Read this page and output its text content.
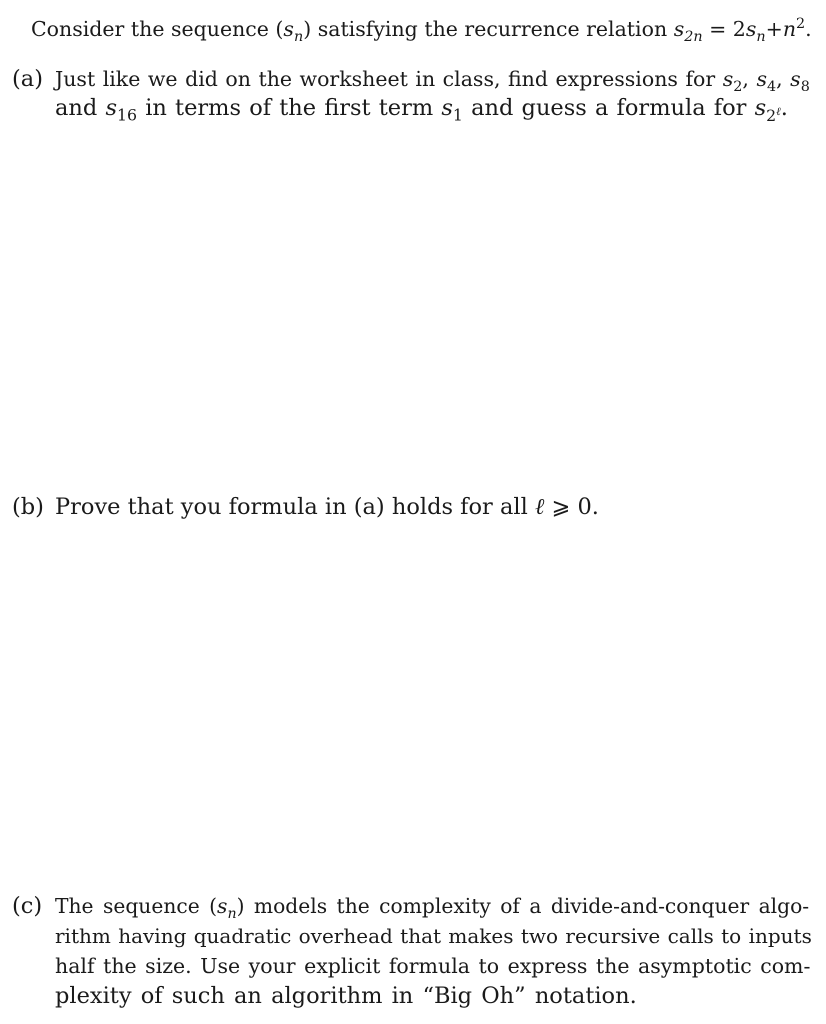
Consider the sequence $(s_n)$ satisfying the recurrence relation $s_{2n} = 2s_n+n^2$.
(a) Just like we did on the worksheet in class, find expressions for $s_2$, $s_4$, $s_8$
and $s_{16}$ in terms of the first term $s_1$ and guess a formula for $s_{2^\ell}$.
(b) Prove that you formula in (a) holds for all ℓ ⩾ 0.
(c) The sequence $(s_n)$ models the complexity of a divide-and-conquer algo-
rithm having quadratic overhead that makes two recursive calls to inputs
half the size. Use your explicit formula to express the asymptotic com-
plexity of such an algorithm in “Big Oh” notation.
